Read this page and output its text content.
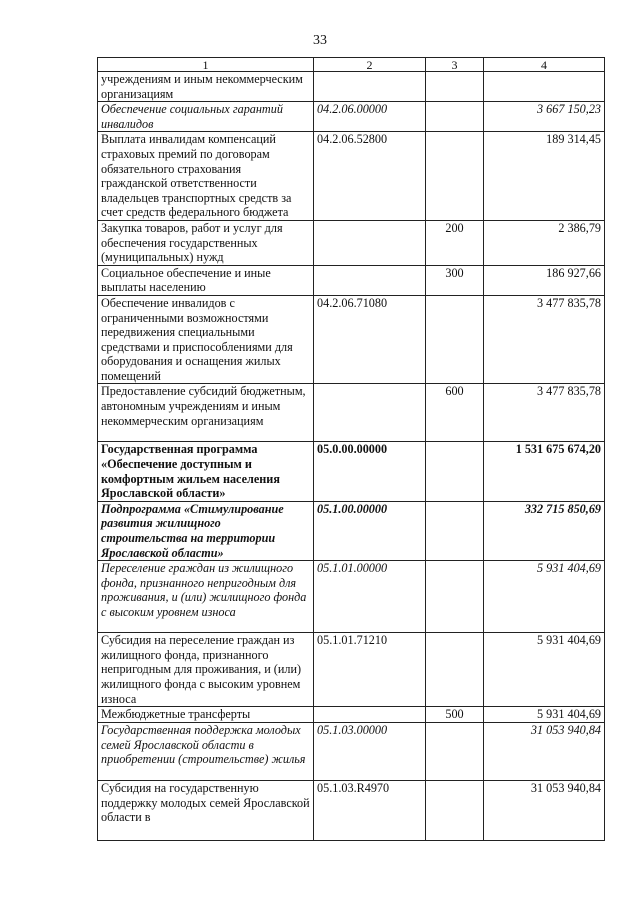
33
1	2	3	4
учреждениям и иным некоммерческим организациям			
Обеспечение социальных гарантий инвалидов	04.2.06.00000		3 667 150,23
Выплата инвалидам компенсаций страховых премий по договорам обязательного страхования гражданской ответственности владельцев транспортных средств за счет средств федерального бюджета	04.2.06.52800		189 314,45
Закупка товаров, работ и услуг для обеспечения государственных (муниципальных) нужд		200	2 386,79
Социальное обеспечение и иные выплаты населению		300	186 927,66
Обеспечение инвалидов с ограниченными возможностями передвижения специальными средствами и приспособлениями для оборудования и оснащения жилых помещений	04.2.06.71080		3 477 835,78
Предоставление субсидий бюджетным, автономным учреждениям и иным некоммерческим организациям		600	3 477 835,78
Государственная программа «Обеспечение доступным и комфортным жильем населения Ярославской области»	05.0.00.00000		1 531 675 674,20
Подпрограмма «Стимулирование развития жилищного строительства на территории Ярославской области»	05.1.00.00000		332 715 850,69
Переселение граждан из жилищного фонда, признанного непригодным для проживания, и (или) жилищного фонда с высоким уровнем износа	05.1.01.00000		5 931 404,69
Субсидия на переселение граждан из жилищного фонда, признанного непригодным для проживания, и (или) жилищного фонда с высоким уровнем износа	05.1.01.71210		5 931 404,69
Межбюджетные трансферты		500	5 931 404,69
Государственная поддержка молодых семей Ярославской области в приобретении (строительстве) жилья	05.1.03.00000		31 053 940,84
Субсидия на государственную поддержку молодых семей Ярославской области в	05.1.03.R4970		31 053 940,84
